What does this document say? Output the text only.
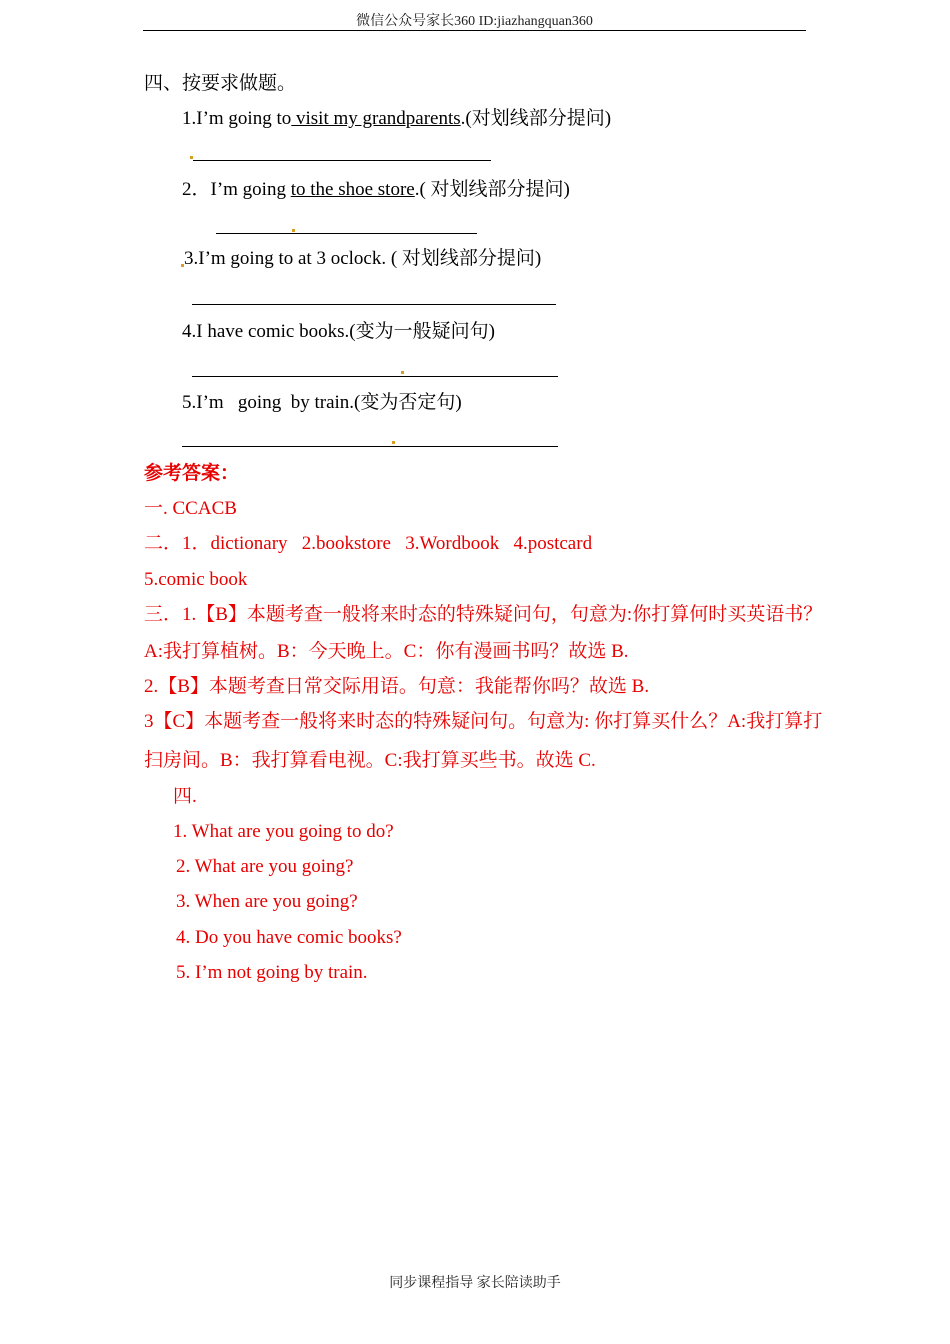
微信公众号家长360 ID:jiazhangquan360
四、按要求做题。
1.I’m going to visit my grandparents.(对划线部分提问)
2．I’m going to the shoe store.( 对划线部分提问)
3.I’m going to at 3 oclock. ( 对划线部分提问)
4.I have comic books.(变为一般疑问句)
5.I’m   going  by train.(变为否定句)
参考答案：
一. CCACB
二．1．dictionary   2.bookstore   3.Wordbook   4.postcard
5.comic book
三．1.【B】本题考查一般将来时态的特殊疑问句，句意为:你打算何时买英语书？
A:我打算植树。B：今天晚上。C：你有漫画书吗？故选 B.
2.【B】本题考查日常交际用语。句意：我能帮你吗？故选 B.
3【C】本题考查一般将来时态的特殊疑问句。句意为: 你打算买什么？A:我打算打
扫房间。B：我打算看电视。C:我打算买些书。故选 C.
四.
1. What are you going to do?
2. What are you going?
3. When are you going?
4. Do you have comic books?
5. I’m not going by train.
同步课程指导 家长陪读助手
